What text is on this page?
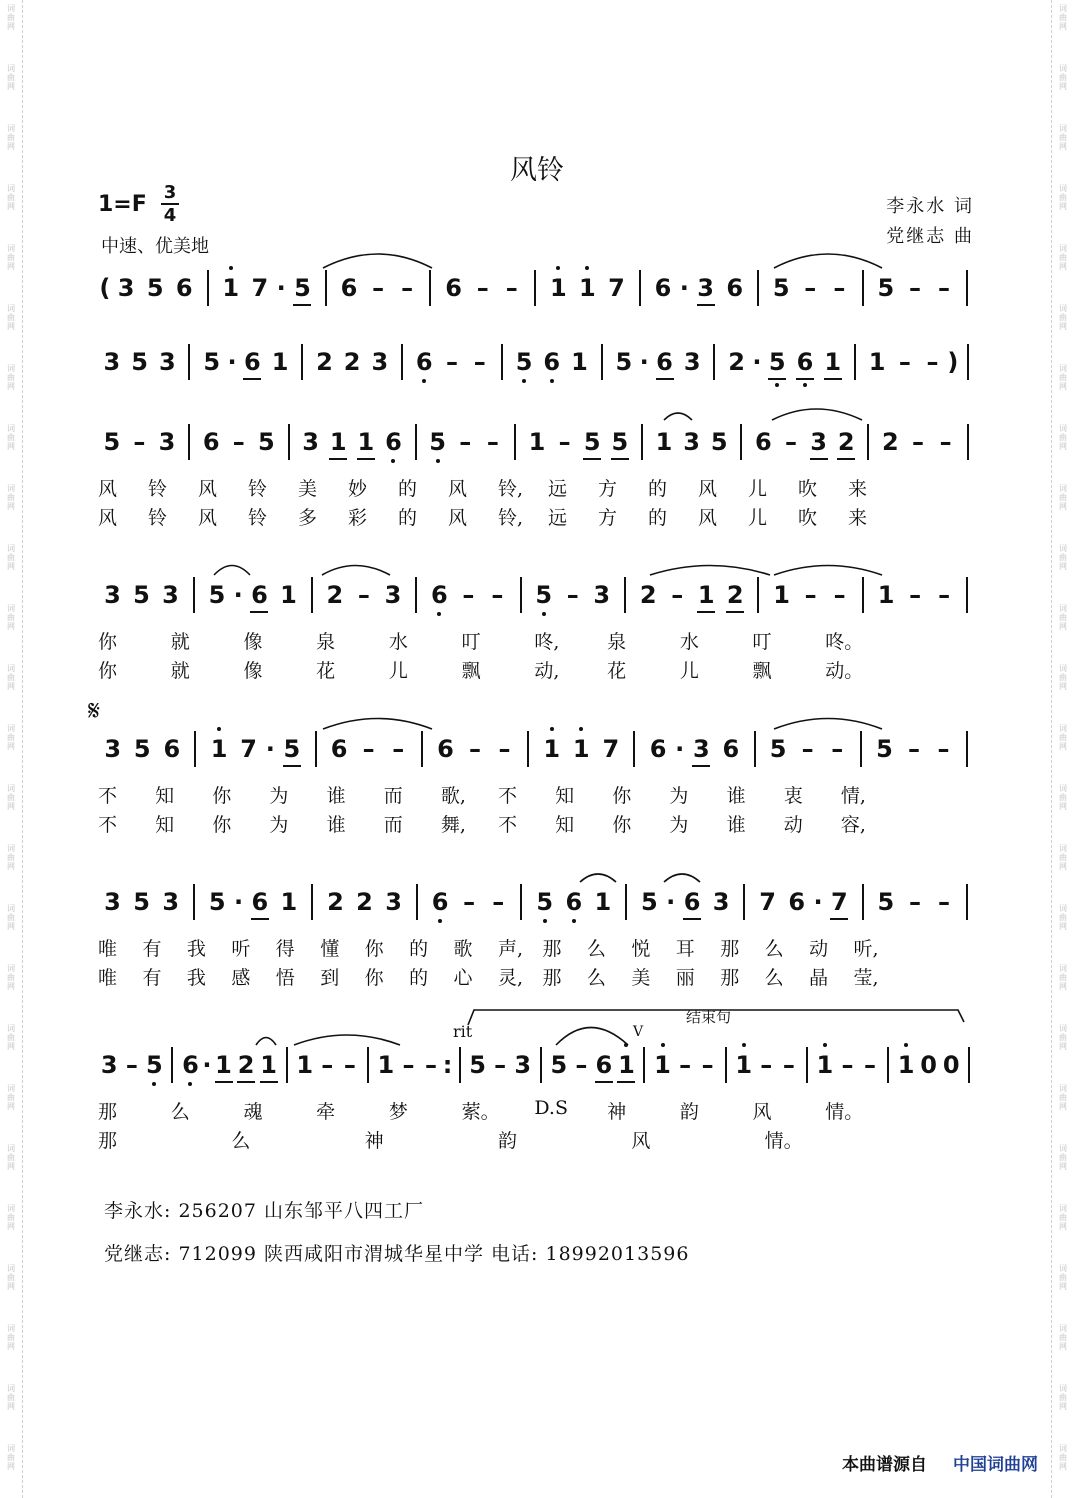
词
曲
网
词
曲
网
词
曲
网
词
曲
网
词
曲
网
词
曲
网
词
曲
网
词
曲
网
词
曲
网
词
曲
网
词
曲
网
词
曲
网
词
曲
网
词
曲
网
词
曲
网
词
曲
网
词
曲
网
词
曲
网
词
曲
网
词
曲
网
词
曲
网
词
曲
网
词
曲
网
词
曲
网
词
曲
网
词
曲
网
词
曲
网
词
曲
网
词
曲
网
词
曲
网
词
曲
网
词
曲
网
词
曲
网
词
曲
网
词
曲
网
词
曲
网
词
曲
网
词
曲
网
词
曲
网
词
曲
网
词
曲
网
词
曲
网
词
曲
网
词
曲
网
词
曲
网
词
曲
网
词
曲
网
词
曲
网
词
曲
网
词
曲
网
风铃
1=F 3
4
中速、优美地
李永水 词
党继志 曲
( 3 5 6 1 7 · 5 6 – – 6 – – 1 1 7 6 · 3 6 5 – – 5 – –
3 5 3 5 · 6 1 2 2 3 6 – – 5 6 1 5 · 6 3 2 · 5 6 1 1 – – )
5 – 3 6 – 5 3 1 1 6 5 – – 1 – 5 5 1 3 5 6 – 3 2 2 – –
3 5 3 5 · 6 1 2 – 3 6 – – 5 – 3 2 – 1 2 1 – – 1 – –
3 5 6 1 7 · 5 6 – – 6 – – 1 1 7 6 · 3 6 5 – – 5 – –
3 5 3 5 · 6 1 2 2 3 6 – – 5 6 1 5 · 6 3 7 6 · 7 5 – –
3 – 5 6 · 1 2 1 1 – – 1 – – : 5 – 3 5 – 6 1 1 – – 1 – – 1 – – 1 0 0
风 铃 风 铃 美 妙 的 风 铃, 远 方 的 风 儿 吹 来
风 铃 风 铃 多 彩 的 风 铃, 远 方 的 风 儿 吹 来
你	就	像	泉	水	叮	咚,	泉	水	叮	咚。
你	就	像	花	儿	飘	动,	花	儿	飘	动。
不 知 你 为 谁 而 歌, 不 知 你 为 谁 衷 情,
不 知 你 为 谁 而 舞, 不 知 你 为 谁 动 容,
唯 有 我 听 得 懂 你 的 歌 声, 那 么 悦 耳 那 么 动 听,
唯 有 我 感 悟 到 你 的 心 灵, 那 么 美 丽 那 么 晶 莹,
那	么	魂	牵	梦	萦。 D.S 神	韵	风	情。
那	么	神	韵	风	情。
𝄋
rit
结束句
V
李永水: 256207 山东邹平八四工厂
党继志: 712099 陕西咸阳市渭城华星中学 电话: 18992013596
本曲谱源自 中国词曲网
